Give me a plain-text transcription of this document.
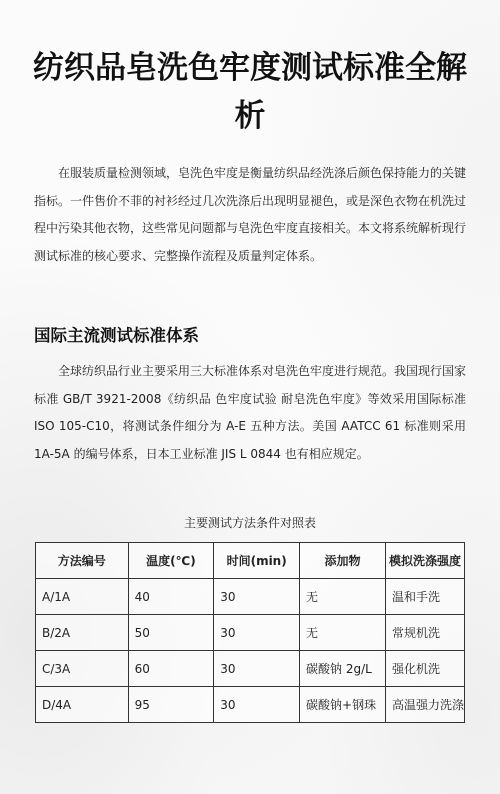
纺织品皂洗色牢度测试标准全解析
在服装质量检测领域，皂洗色牢度是衡量纺织品经洗涤后颜色保持能力的关键指标。一件售价不菲的衬衫经过几次洗涤后出现明显褪色，或是深色衣物在机洗过程中污染其他衣物，这些常见问题都与皂洗色牢度直接相关。本文将系统解析现行测试标准的核心要求、完整操作流程及质量判定体系。
国际主流测试标准体系
全球纺织品行业主要采用三大标准体系对皂洗色牢度进行规范。我国现行国家标准 GB/T 3921-2008《纺织品 色牢度试验 耐皂洗色牢度》等效采用国际标准 ISO 105-C10，将测试条件细分为 A-E 五种方法。美国 AATCC 61 标准则采用 1A-5A 的编号体系，日本工业标准 JIS L 0844 也有相应规定。
主要测试方法条件对照表
方法编号	温度(℃)	时间(min)	添加物	模拟洗涤强度
A/1A	40	30	无	温和手洗
B/2A	50	30	无	常规机洗
C/3A	60	30	碳酸钠 2g/L	强化机洗
D/4A	95	30	碳酸钠+钢珠	高温强力洗涤
